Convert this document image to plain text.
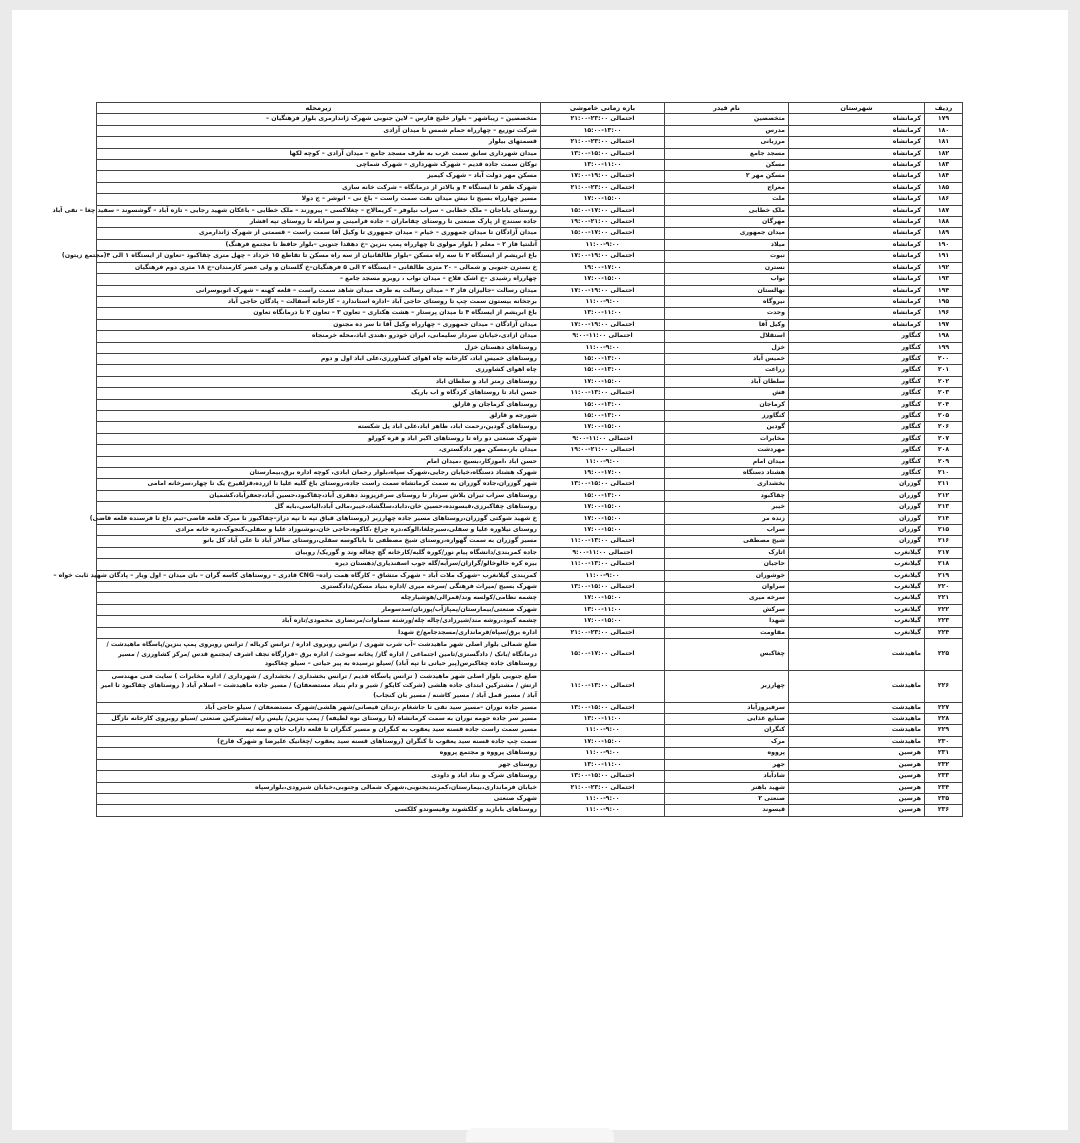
ردیف	شهرستان	نام فیدر	بازه زمانی خاموشی	زیرمحله
۱۷۹	کرمانشاه	متخصصین	احتمالی ۲۳:۰۰-۲۱:۰۰	متخصصین – زیباشهر – بلوار خلیج فارس – لاین جنوبی شهرک ژاندارمری بلوار فرهنگیان –
۱۸۰	کرمانشاه	مدرس	۱۵:۰۰-۱۳:۰۰	شرکت توزیع – چهارراه حمام شمس تا میدان آزادی
۱۸۱	کرمانشاه	مرزبانی	احتمالی ۲۳:۰۰-۲۱:۰۰	قسمتهای بیلوار
۱۸۲	کرمانشاه	مسجد جامع	احتمالی ۱۵:۰۰-۱۳:۰۰	میدان شهرداری سابق سمت غرب به طرف مسجد جامع – میدان آزادی – کوچه لکها
۱۸۳	کرمانشاه	مسکن	۱۳:۰۰-۱۱:۰۰	توکان سمت جاده قدیم – شهرک شهرداری – شهرک شماچی
۱۸۴	کرمانشاه	مسکن مهر ۲	احتمالی ۱۹:۰۰-۱۷:۰۰	مسکن مهر دولت آباد – شهرک کیمیز
۱۸۵	کرمانشاه	معراج	احتمالی ۲۳:۰۰-۲۱:۰۰	شهرک ظفر تا ایستگاه ۴ و بالاتر از درمانگاه – شرکت خانه سازی
۱۸۶	کرمانشاه	ملت	۱۷:۰۰-۱۵:۰۰	مسیر چهارراه بسیج تا نبش میدان نفت سمت راست – باغ نی – انوشر – ج دولا
۱۸۷	کرمانشاه	ملک خطابی	احتمالی ۱۷:۰۰-۱۵:۰۰	روستای باباجان – ملک خطابی – سراب نیلوفر – کریمالاح – چغلاکسی – پیروزند – ملک خطابی – باغکان شهید رجایی – تازه آباد – گوشسوند – سفید چغا – نفی آباد
۱۸۸	کرمانشاه	مهرگان	احتمالی ۲۱:۰۰-۱۹:۰۰	جاده سنندج از پارک صنعتی تا روستای چقاماران – جاده فرامینی و سرابله تا روستای تپه افشار
۱۸۹	کرمانشاه	میدان جمهوری	احتمالی ۱۷:۰۰-۱۵:۰۰	میدان آزادگان تا میدان جمهوری – خیام – میدان جمهوری تا وکیل آقا سمت راست – قسمتی از شهرک ژاندارمری
۱۹۰	کرمانشاه	میلاد	۱۱:۰۰-۹:۰۰	آتلنتیا فاز ۲ – معلم ( بلوار مولوی تا چهارراه پمپ بنزین –خ دهقدا جنوبی –بلوار حافظ تا مجتمع فرهنگ)
۱۹۱	کرمانشاه	نبوت	احتمالی ۱۹:۰۰-۱۷:۰۰	باغ ابریشم از ایستگاه ۲ تا سه راه مسکن –بلوار طالقانیان از سه راه مسکن تا تقاطع ۱۵ خرداد – چهل متری چقاکبود –تعاون از ایستگاه ۱ الی ۴(مجتمع زیتون)
۱۹۲	کرمانشاه	نسترن	۱۹:۰۰-۱۷:۰۰	خ نسترن جنوبی و شمالی – ۲۰ متری طالقانی – ایستگاه ۲ الی ۵ فرهنگیان–خ گلستان و ولی عصر کارمندان–خ ۱۸ متری دوم فرهنگیان
۱۹۳	کرمانشاه	نواب	۱۷:۰۰-۱۵:۰۰	چهارراه رشیدی –خ اشک فلاح – میدان نواب ، روبرو مسجد جامع –
۱۹۴	کرمانشاه	نهالستان	احتمالی ۱۹:۰۰-۱۷:۰۰	میدان رسالت –جالیزان فاز ۲ – میدان رسالت به طرف میدان شاهد سمت راست – قلعه کهنه – شهرک اتوبوسرانی
۱۹۵	کرمانشاه	نیروگاه	۱۱:۰۰-۹:۰۰	برجخانه بیستون سمت چپ تا روستای حاجی آباد –اداره استاندارد – کارخانه آسفالت – پادگان حاجی آباد
۱۹۶	کرمانشاه	وحدت	۱۳:۰۰-۱۱:۰۰	باغ ابریشم از ایستگاه ۴ تا میدان پرستار – هشت هکتاری – تعاون ۳ – تعاون ۲ تا درمانگاه تعاون
۱۹۷	کرمانشاه	وکیل آقا	احتمالی ۱۹:۰۰-۱۷:۰۰	میدان آزادگان – میدان جمهوری – چهارراه وکیل آقا تا سر ده مجنون
۱۹۸	کنگاور	استقلال	احتمالی ۱۱:۰۰-۹:۰۰	میدان ازادی،خیابان سردار سلیمانی، ایران خودرو ،هندی اباد،محله خرمنجاه
۱۹۹	کنگاور	خزل	۱۱:۰۰-۹:۰۰	روستاهای دهستان خزل
۲۰۰	کنگاور	خمیس آباد	۱۵:۰۰-۱۳:۰۰	روستاهای خمیس اباد، کارخانه چاه اهوای کشاورزی،علی اباد اول و دوم
۲۰۱	کنگاور	زراعت	۱۵:۰۰-۱۳:۰۰	چاه اهوای کشاورزی
۲۰۲	کنگاور	سلطان آباد	۱۷:۰۰-۱۵:۰۰	روستاهای زمتر اباد و سلطان اباد
۲۰۳	کنگاور	فش	احتمالی ۱۳:۰۰-۱۱:۰۰	حسن اباد تا روستاهای کردگاه و اب باریک
۲۰۴	کنگاور	کرماجان	۱۵:۰۰-۱۳:۰۰	روستاهای کرماجان و قارلق
۲۰۵	کنگاور	کنگاورز	۱۵:۰۰-۱۳:۰۰	شورجه و قارلق
۲۰۶	کنگاور	گودین	۱۷:۰۰-۱۵:۰۰	روستاهای گودین،رحمت اباد، طاهر اباد،علی اباد پل شکسته
۲۰۷	کنگاور	مخابرات	احتمالی ۱۱:۰۰-۹:۰۰	شهرک صنعتی دو راه تا روستاهای اکبر اباد و قره کورلو
۲۰۸	کنگاور	مهردشت	احتمالی ۲۱:۰۰-۱۹:۰۰	میدان بار،مسکن مهر دادگستری،
۲۰۹	کنگاور	میدان امام	۱۱:۰۰-۹:۰۰	حسن اباد ،اموزکار،بسیج ،میدان امام
۲۱۰	کنگاور	هشتاد دستگاه	۱۹:۰۰-۱۷:۰۰	شهرک هشتاد دستگاه،خیابان رجایی،شهرک سپاه،بلوار رحمان ابادی، کوچه اداره برق،بیمارستان
۲۱۱	گوزران	بخشداری	احتمالی ۱۵:۰۰-۱۳:۰۰	شهر گوزران،جاده گوزران به سمت کرمانشاه سمت راست جاده،روستای باغ گلیه علیا تا ازرده،قزلقیرخ یک تا چهار،سرخانه امامی
۲۱۲	گوزران	چقاکبود	۱۵:۰۰-۱۳:۰۰	روستاهای سراب تیران بلاش سردار تا روستای سرعزیزوند دهقری آباد،چقاکبود،حسین آباد،جعفرآباد،کشمیان
۲۱۳	گوزران	خیبر	۱۷:۰۰-۱۵:۰۰	روستاهای چقاکبرزی،قبسونده،حسین خان،داباد،سلگشاد،خیبر،مالی آباد،الیاسی،بابه گل
۲۱۴	گوزران	زنده مر	۱۷:۰۰-۱۵:۰۰	خ شهید شوکتی گوزران،روستاهای مسیر جاده چهارزبر (روستاهای قباق تپه تا تپه دراز–چقاکبوز تا میرک قلعه قاضی–تیم داغ تا فرسنده قلعه قاضی)
۲۱۵	گوزران	سراب	۱۷:۰۰-۱۵:۰۰	روستای نیلاوره علیا و سفلی،سیرچلغا،الوکه،دره چراغ ،کاکوه،حاجی خان،نوشنوزاد علیا و سفلی،کنجوک،دره خانه مرادی
۲۱۶	گوزران	شیخ مصطفی	احتمالی ۱۳:۰۰-۱۱:۰۰	مسیر گوزران به سمت گهواره،روستای شیخ مصطفی تا باباکوسه سفلی،روستای سالار آباد تا علی آباد کل بانو
۲۱۷	گیلانغرب	اتارک	احتمالی ۱۱:۰۰-۹:۰۰	جاده کمربندی/دانشگاه پیام نور/کوره گلبه/کارخانه گچ چغاله وند و گوریک/ روبیان
۲۱۸	گیلانغرب	حاجیان	احتمالی ۱۳:۰۰-۱۱:۰۰	بیره کره خالوخالو/گرازان/سرآبه/گله جوب اسفندیاری/دهستان دیره
۲۱۹	گیلانغرب	خوشوران	۱۱:۰۰-۹:۰۰	کمربندی گیلانغرب –شهرک ملات آباد – شهرک متشاق – کارگاه همت زاده– CNG قادری – روستاهای کاسه گران – بان میدان – اول وبار – پادگان شهید ثابت خواه –
۲۲۰	گیلانغرب	سراوان	احتمالی ۱۵:۰۰-۱۳:۰۰	شهرک بسیج /میراث فرهنگی /سرخه میری /اداره بنیاد مسکن/دادگستری
۲۲۱	گیلانغرب	سرخه میری	۱۷:۰۰-۱۵:۰۰	چشمه نظامی/کولسه وند/قمرالی/هوشیارچله
۲۲۲	گیلانغرب	سرکش	۱۳:۰۰-۱۱:۰۰	شهرک صنعتی/بیمارستان/پمپاژآب/پوزنان/سدسومار
۲۲۳	گیلانغرب	شهدا	۱۷:۰۰-۱۵:۰۰	چشمه کبود،روشه مند/شیرزادی/چاله چله/ورشته سماوات/مرتضاری محمودی/تازه آباد
۲۲۴	گیلانغرب	مقاومت	احتمالی ۲۳:۰۰-۲۱:۰۰	اداره برق/سپاه/فرماندارى/مسجدجامع/خ شهدا
۲۲۵	ماهیدشت	چغاکبس	احتمالی ۱۷:۰۰-۱۵:۰۰	ضلع شمالی بلوار اصلی شهر ماهیدشت –آب شرب شهری / ترانس روبروی اداره / ترانس کرباله / ترانس روبروی پمپ بنزین/پاسگاه ماهیدشت / درمانگاه /بانک / دادگستری/تامین اجتماعی / اداره گاز/ پخانه سوخت / اداره برق –قرارگاه نجف اشرف /مجتمع قدس /مرکز کشاورزی / مسیر روستاهای جاده چغاکبرس(پیر حیاتی تا تپه آباد) /سیلو ترسیده به پیر حیاتی – سیلو چغاکبود
۲۲۶	ماهیدشت	چهارزبر	احتمالی ۱۳:۰۰-۱۱:۰۰	ضلع جنوبی بلوار اصلی شهر ماهیدشت ( ترانس پاسگاه قدیم / ترانس بخشداری / بخشداری / شهرداری / اداره مخابرات ) سایت فنی مهندسی ارتش / مشترکین ابتدای جاده هلشی (شرکت کایکو / شیر و دام بنیاد مستضعفان) / مسیر جاده ماهیدشت – اسلام آباد ( روستاهای چقاکبود تا امیر آباد / مسیر قمل آباد / مسیر کاشنه / مسیر بان کنجاب)
۲۲۷	ماهیدشت	سرفیروزآباد	احتمالی ۱۵:۰۰-۱۳:۰۰	مسیر جاده نوران –مسیر سید نقی تا جاشغام ،زندان قیصانی/شهر هلشی/شهرک مستضعفان / سیلو حاجی آباد
۲۲۸	ماهیدشت	صنایع غذایی	۱۳:۰۰-۱۱:۰۰	مسیر سر جاده حومه نوران به سمت کرمانشاه (تا روستای نوه لطیفه) / پمپ بنزین/ پلیس راه /مشترکین صنعتی /سیلو روبروی کارخانه نازگل
۲۲۹	ماهیدشت	کنگران	۱۱:۰۰-۹:۰۰	مسیر سمت راست جاده قسنه سید یعقوب به کنگران و مسیر کنگران تا قلعه داراب خان و سه تپه
۲۳۰	ماهیدشت	مرک	۱۷:۰۰-۱۵:۰۰	سمت چپ جاده قسنه سید یعقوب تا کنگران (روستاهای قسنه سید یعقوب /چغانیک علیرضا و شهرک فارخ)
۲۳۱	هرسین	پرووه	۱۱:۰۰-۹:۰۰	روستاهای پرووه و مجتمع پرووه
۲۳۲	هرسین	جهر	۱۳:۰۰-۱۱:۰۰	روستای جهر
۲۳۳	هرسین	شادآباد	احتمالی ۱۵:۰۰-۱۳:۰۰	روستاهای شرک و نناد اباد و داودی
۲۳۴	هرسین	شهید باهنر	احتمالی ۲۳:۰۰-۲۱:۰۰	خیابان فرمانداری،بیمارستان،کمربندیجنوبی،شهرک شمالی وجنوبی،خیابان شیرودی،بلوارسپاه
۲۳۵	هرسین	صنعتی ۲	۱۱:۰۰-۹:۰۰	شهرک صنعتی
۲۳۶	هرسین	قیسوند	۱۱:۰۰-۹:۰۰	روستاهای بابازید و کلکشوند وقیسوندو کلکسی
